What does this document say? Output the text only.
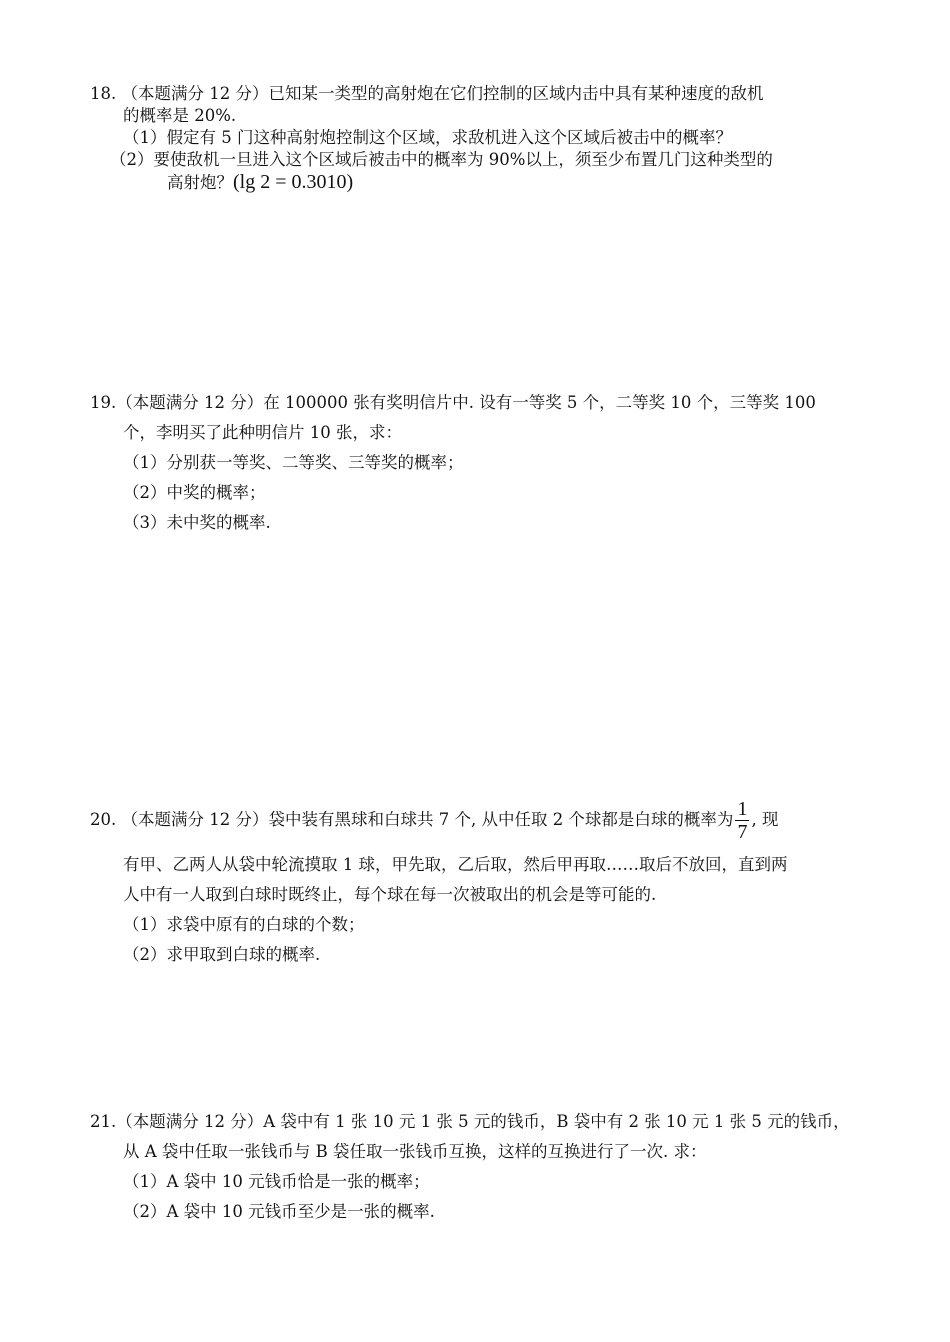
18. （本题满分 12 分）已知某一类型的高射炮在它们控制的区域内击中具有某种速度的敌机
的概率是 20%.
（1）假定有 5 门这种高射炮控制这个区域，求敌机进入这个区域后被击中的概率？
（2）要使敌机一旦进入这个区域后被击中的概率为 90%以上，须至少布置几门这种类型的
高射炮？(lg 2 = 0.3010)
19.（本题满分 12 分）在 100000 张有奖明信片中. 设有一等奖 5 个，二等奖 10 个，三等奖 100
个，李明买了此种明信片 10 张，求：
（1）分别获一等奖、二等奖、三等奖的概率；
（2）中奖的概率；
（3）未中奖的概率.
20. （本题满分 12 分）袋中装有黑球和白球共 7 个, 从中任取 2 个球都是白球的概率为 $\frac{1}{7}$ , 现
有甲、乙两人从袋中轮流摸取 1 球，甲先取，乙后取，然后甲再取……取后不放回，直到两
人中有一人取到白球时既终止，每个球在每一次被取出的机会是等可能的.
（1）求袋中原有的白球的个数；
（2）求甲取到白球的概率.
21.（本题满分 12 分）A 袋中有 1 张 10 元 1 张 5 元的钱币，B 袋中有 2 张 10 元 1 张 5 元的钱币，
从 A 袋中任取一张钱币与 B 袋任取一张钱币互换，这样的互换进行了一次. 求：
（1）A 袋中 10 元钱币恰是一张的概率；
（2）A 袋中 10 元钱币至少是一张的概率.
